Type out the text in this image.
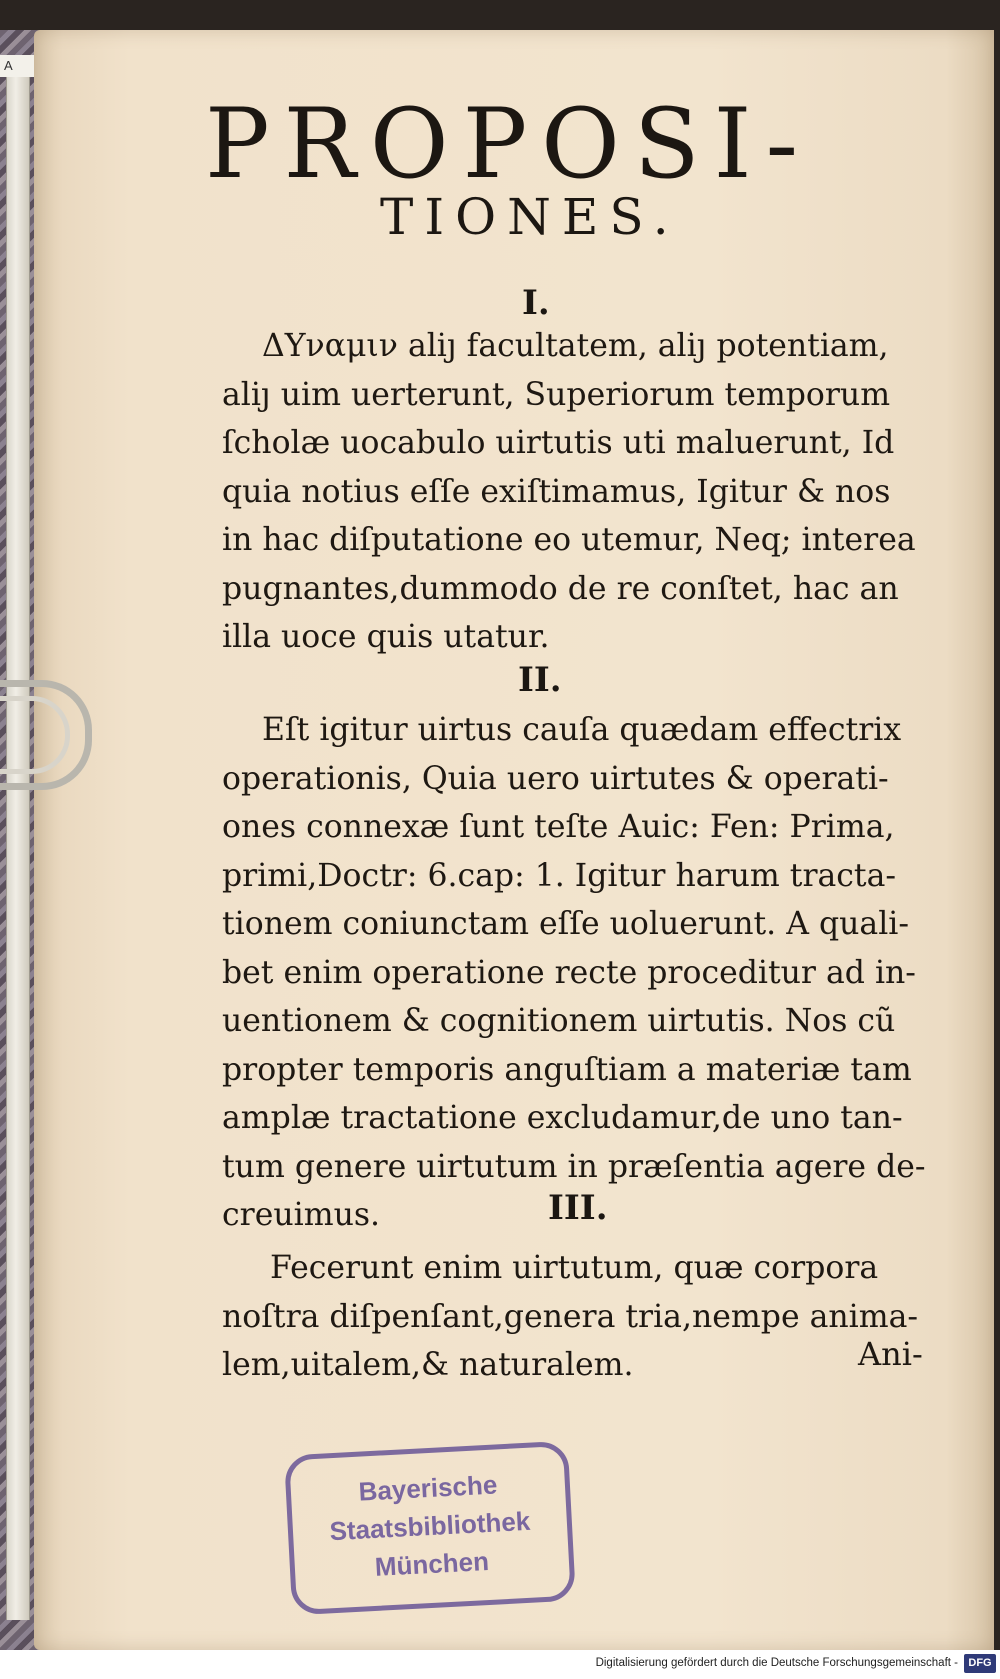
A
PROPOSI-
TIONES.
I.
ΔΥναμιν aliȷ facultatem, aliȷ potentiam,
aliȷ uim uerterunt, Superiorum temporum
ſcholæ uocabulo uirtutis uti maluerunt, Id
quia notius eſſe exiſtimamus, Igitur & nos
in hac diſputatione eo utemur, Neq; interea
pugnantes,dummodo de re conſtet, hac an
illa uoce quis utatur.
II.
Eſt igitur uirtus cauſa quædam effectrix
operationis, Quia uero uirtutes & operati-
ones connexæ ſunt teſte Auic: Fen: Prima,
primi,Doctr: 6.cap: 1. Igitur harum tracta-
tionem coniunctam eſſe uoluerunt. A quali-
bet enim operatione recte proceditur ad in-
uentionem & cognitionem uirtutis. Nos cũ
propter temporis anguſtiam a materiæ tam
amplæ tractatione excludamur,de uno tan-
tum genere uirtutum in præſentia agere de-
creuimus.	III.
Fecerunt enim uirtutum, quæ corpora
noſtra diſpenſant,genera tria,nempe anima-
lem,uitalem,& naturalem.	Ani-
Bayerische
Staatsbibliothek
München
Digitalisierung gefördert durch die Deutsche Forschungsgemeinschaft - DFG
